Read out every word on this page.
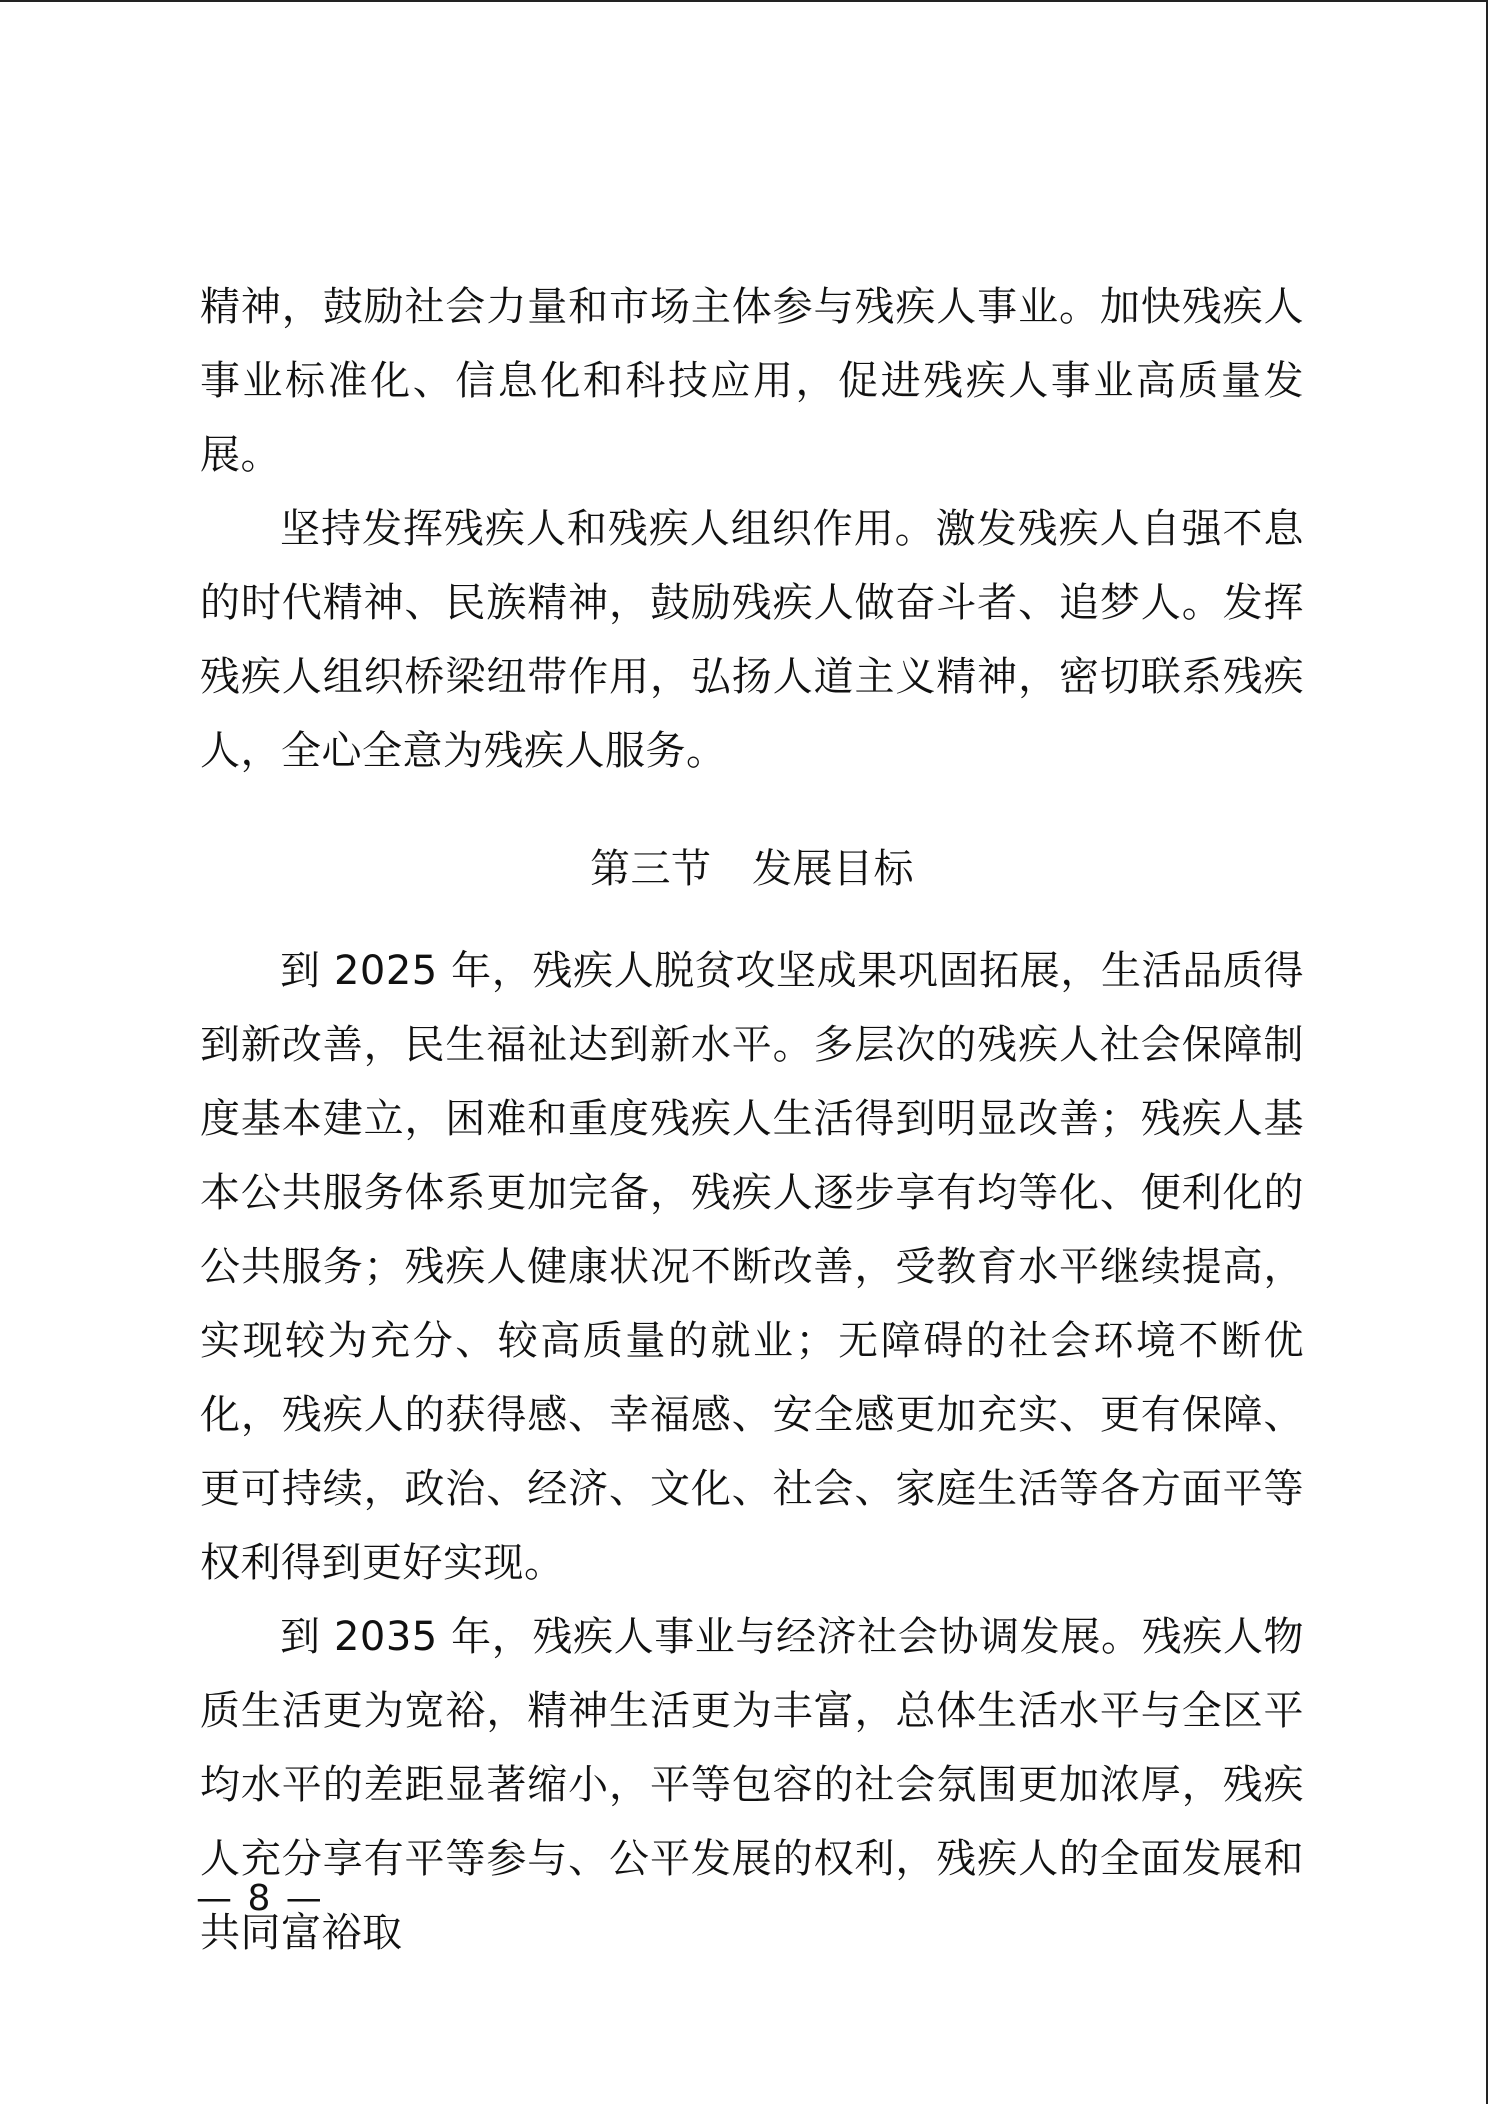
精神，鼓励社会力量和市场主体参与残疾人事业。加快残疾人事业标准化、信息化和科技应用，促进残疾人事业高质量发展。

坚持发挥残疾人和残疾人组织作用。激发残疾人自强不息的时代精神、民族精神，鼓励残疾人做奋斗者、追梦人。发挥残疾人组织桥梁纽带作用，弘扬人道主义精神，密切联系残疾人，全心全意为残疾人服务。

第三节　发展目标

到 2025 年，残疾人脱贫攻坚成果巩固拓展，生活品质得到新改善，民生福祉达到新水平。多层次的残疾人社会保障制度基本建立，困难和重度残疾人生活得到明显改善；残疾人基本公共服务体系更加完备，残疾人逐步享有均等化、便利化的公共服务；残疾人健康状况不断改善，受教育水平继续提高，实现较为充分、较高质量的就业；无障碍的社会环境不断优化，残疾人的获得感、幸福感、安全感更加充实、更有保障、更可持续，政治、经济、文化、社会、家庭生活等各方面平等权利得到更好实现。

到 2035 年，残疾人事业与经济社会协调发展。残疾人物质生活更为宽裕，精神生活更为丰富，总体生活水平与全区平均水平的差距显著缩小，平等包容的社会氛围更加浓厚，残疾人充分享有平等参与、公平发展的权利，残疾人的全面发展和共同富裕取

— 8 —
